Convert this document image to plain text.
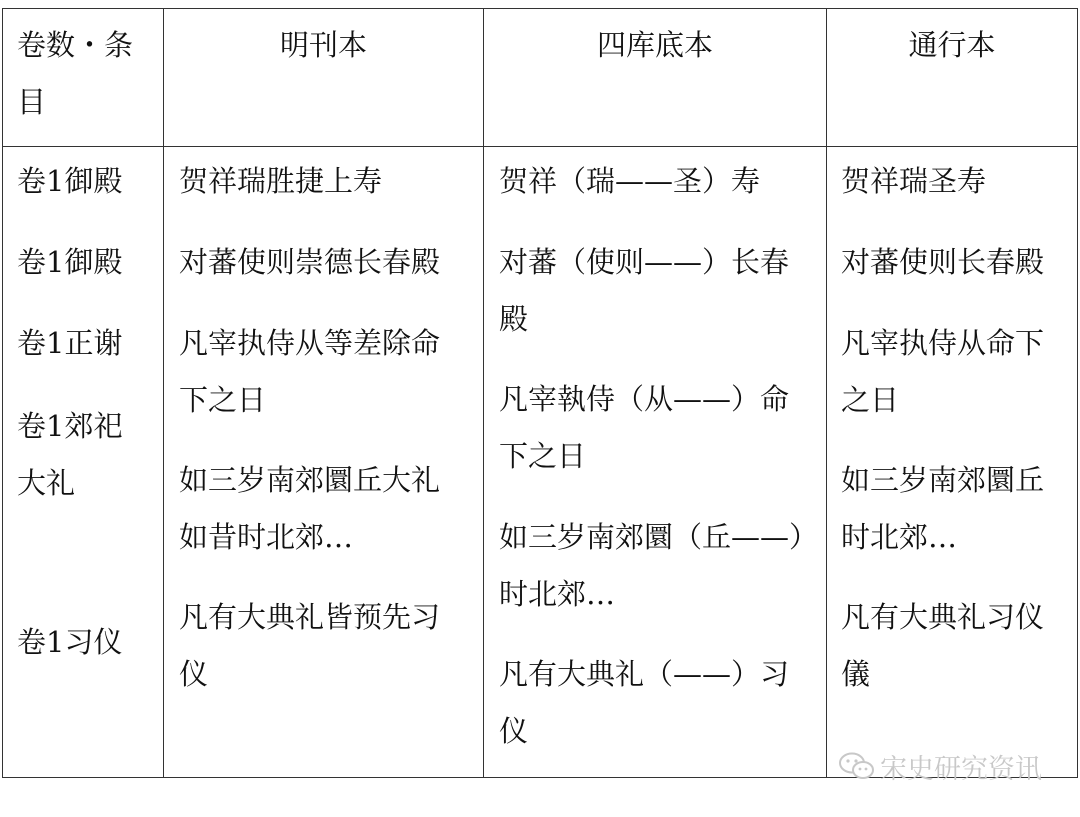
卷数・条
目
明刊本	四库底本	通行本
卷1御殿
卷1御殿
卷1正谢
卷1郊祀
大礼
卷1习仪
贺祥瑞胜捷上寿
对蕃使则崇德长春殿
凡宰执侍从等差除命
下之日
如三岁南郊圜丘大礼
如昔时北郊…
凡有大典礼皆预先习
仪
贺祥（瑞——圣）寿
对蕃（使则——）长春
殿
凡宰執侍（从——）命
下之日
如三岁南郊圜（丘——）
时北郊…
凡有大典礼（——）习
仪
贺祥瑞圣寿
对蕃使则长春殿
凡宰执侍从命下
之日
如三岁南郊圜丘
时北郊…
凡有大典礼习仪
儀
宋史研究资讯
